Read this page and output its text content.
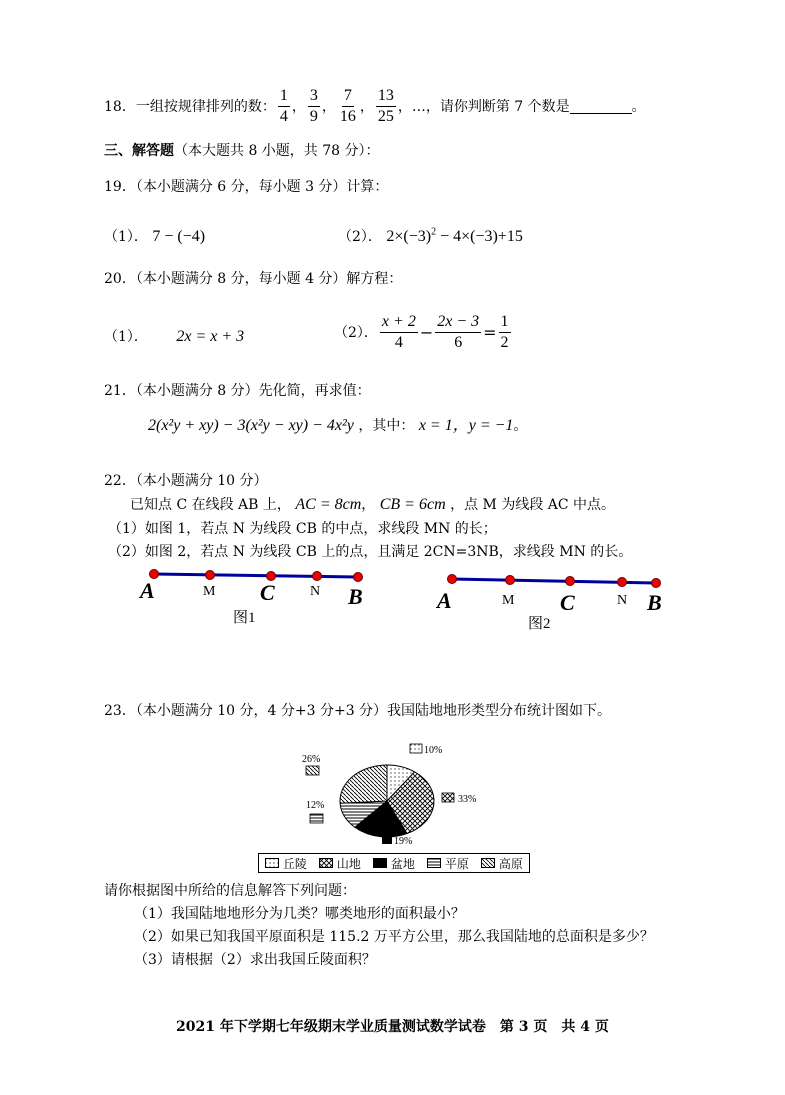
18．一组按规律排列的数： $\frac{1}{4}$ ， $\frac{3}{9}$ ， $\frac{7}{16}$ ， $\frac{13}{25}$ ，…，请你判断第 7 个数是	。
三、解答题（本大题共 8 小题，共 78 分）：
19．（本小题满分 6 分，每小题 3 分）计算：
（1）． 7 − (−4)	（2）． $2\times(-3)^2 - 4\times(-3)+15$
20．（本小题满分 8 分，每小题 4 分）解方程：
（1）． 2x = x + 3	（2）． $\frac{x + 2}{4} - \frac{2x - 3}{6} = \frac{1}{2}$
21．（本小题满分 8 分）先化简，再求值：
2(x²y + xy) − 3(x²y − xy) − 4x²y ，其中： x = 1，y = −1。
22．（本小题满分 10 分）
已知点 C 在线段 AB 上， AC = 8cm， CB = 6cm ，点 M 为线段 AC 中点。
（1）如图 1，若点 N 为线段 CB 的中点，求线段 MN 的长；
（2）如图 2，若点 N 为线段 CB 上的点，且满足 2CN=3NB，求线段 MN 的长。
A	M C	N B
图1
A	M C	N B
图2
23．（本小题满分 10 分，4 分+3 分+3 分）我国陆地地形类型分布统计图如下。
10%
33%
19%
12%
26%

丘陵
山地
盆地
平原
高原
请你根据图中所给的信息解答下列问题：
（1）我国陆地地形分为几类？哪类地形的面积最小？
（2）如果已知我国平原面积是 115.2 万平方公里，那么我国陆地的总面积是多少？
（3）请根据（2）求出我国丘陵面积？
2021 年下学期七年级期末学业质量测试数学试卷　第 3 页　共 4 页
